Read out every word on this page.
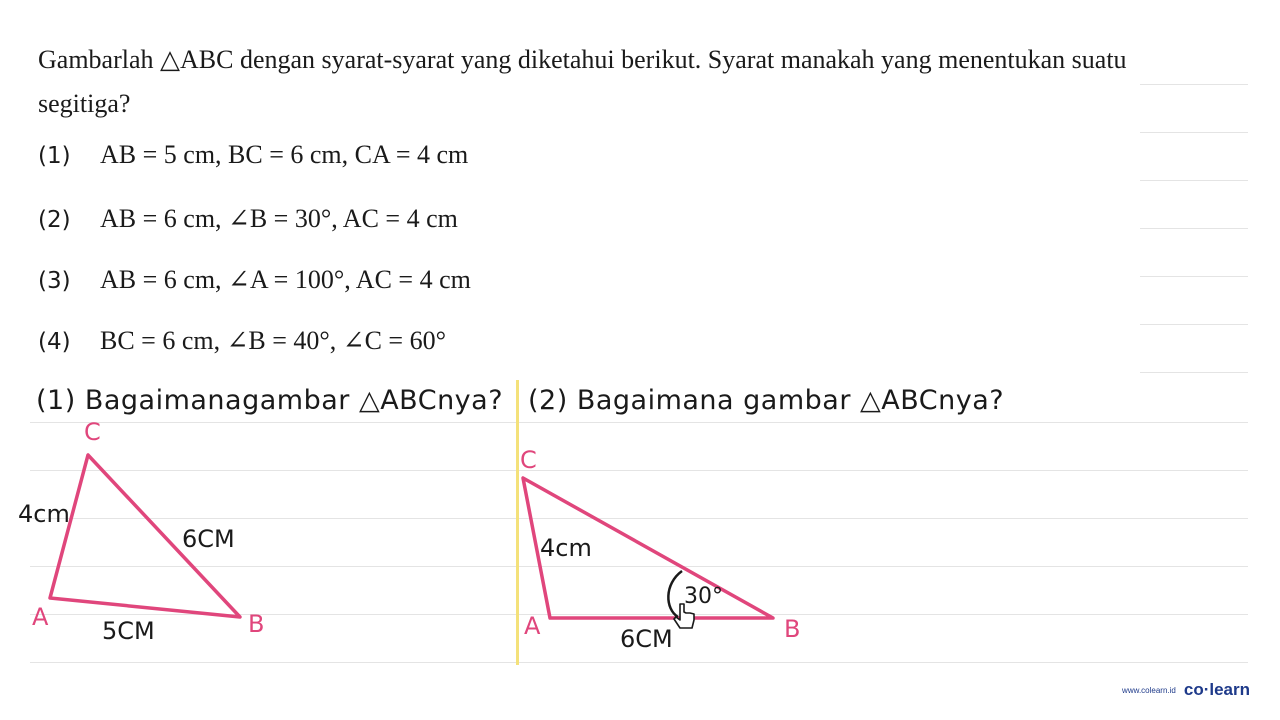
Gambarlah △ABC dengan syarat-syarat yang diketahui berikut. Syarat manakah yang menentukan suatu segitiga?
(1) AB = 5 cm, BC = 6 cm, CA = 4 cm
(2) AB = 6 cm, ∠B = 30°, AC = 4 cm
(3) AB = 6 cm, ∠A = 100°, AC = 4 cm
(4) BC = 6 cm, ∠B = 40°, ∠C = 60°
(1) Bagaimanagambar △ABCnya? (2) Bagaimana gambar △ABCnya?
C
4cm
6CM
A 5CM	B
C
4cm
30°
A	6CM	B
www.colearn.id co·learn
